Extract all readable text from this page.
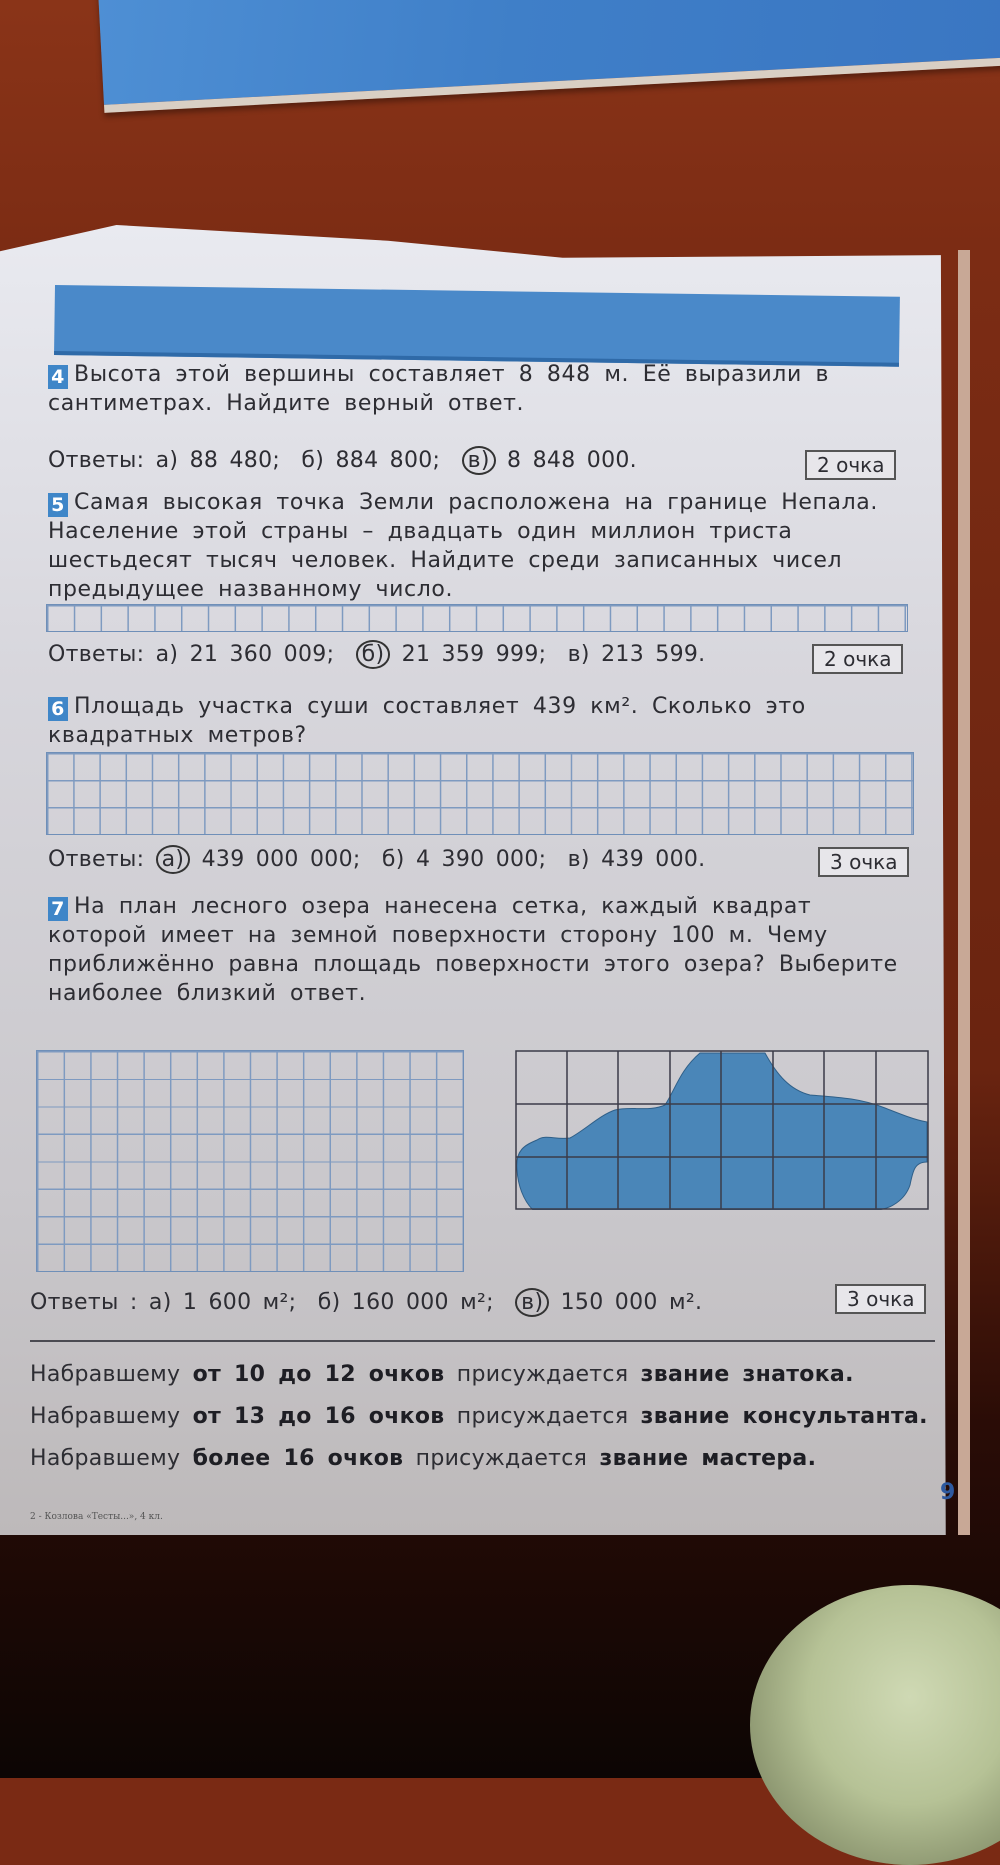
4 Высота этой вершины составляет 8 848 м. Её выразили в сантиметрах. Найдите верный ответ.
Ответы: а) 88 480; б) 884 800; в) 8 848 000.	2 очка
5 Самая высокая точка Земли расположена на границе Непала. Население этой страны – двадцать один миллион триста шестьдесят тысяч человек. Найдите среди записанных чисел предыдущее названному число.
Ответы: а) 21 360 009; б) 21 359 999; в) 213 599.	2 очка
6 Площадь участка суши составляет 439 км². Сколько это квадратных метров?
Ответы: а) 439 000 000; б) 4 390 000; в) 439 000.	3 очка
7 На план лесного озера нанесена сетка, каждый квадрат которой имеет на земной поверхности сторону 100 м. Чему приближённо равна площадь поверхности этого озера? Выберите наиболее близкий ответ.
Ответы : а) 1 600 м²; б) 160 000 м²; в) 150 000 м².	3 очка
Набравшему от 10 до 12 очков присуждается звание знатока.
Набравшему от 13 до 16 очков присуждается звание консультанта.
Набравшему более 16 очков присуждается звание мастера.
9
2 - Козлова «Тесты...», 4 кл.
